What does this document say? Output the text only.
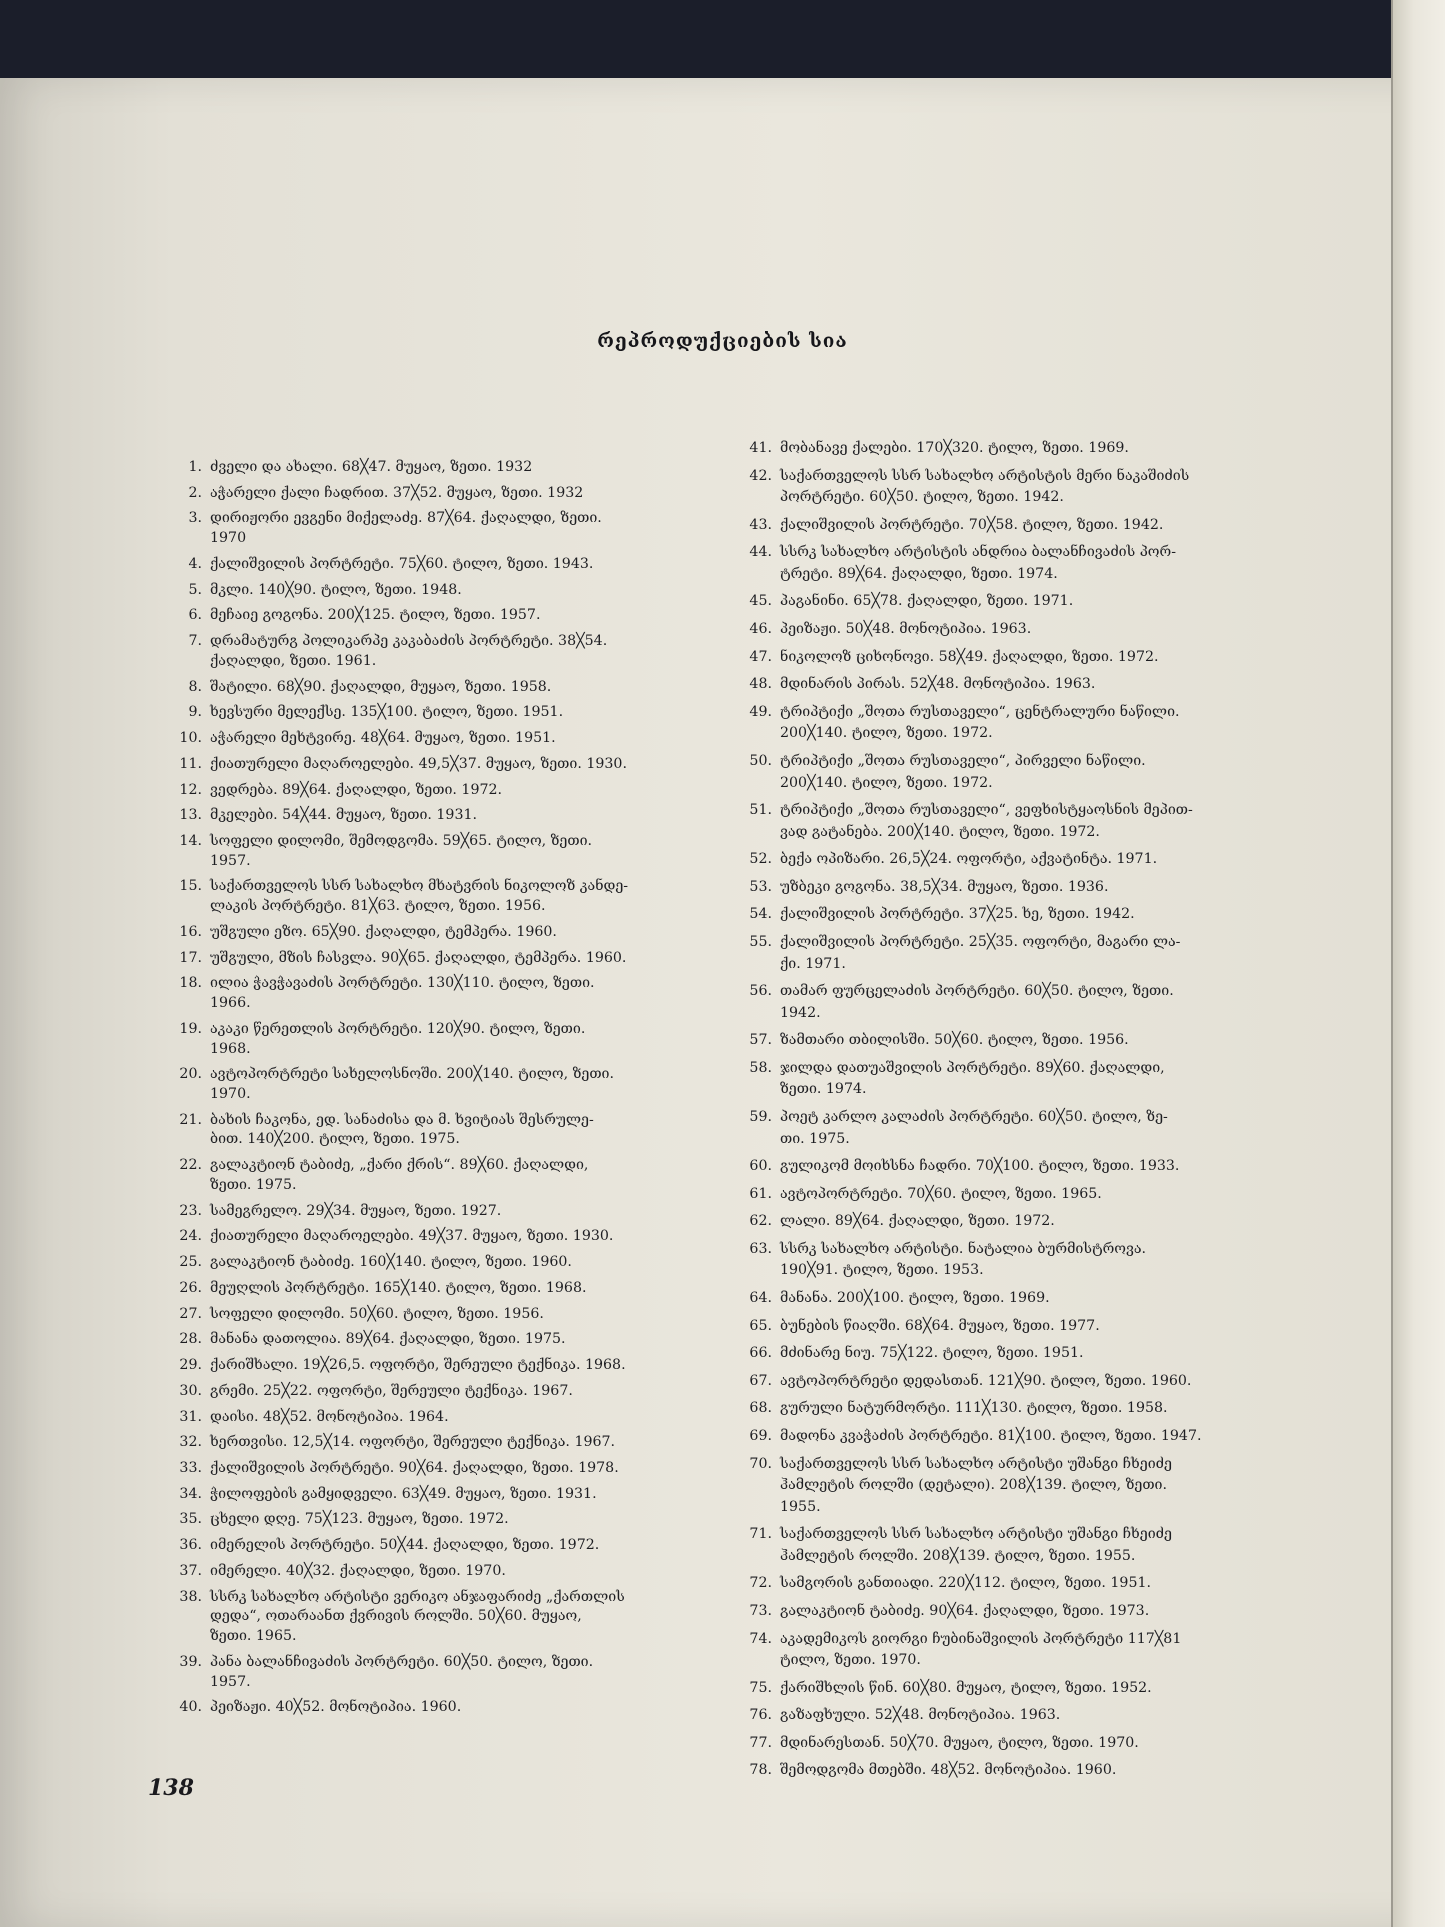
რეპროდუქციების სია
1. ძველი და ახალი. 68╳47. მუყაო, ზეთი. 1932
2. აჭარელი ქალი ჩადრით. 37╳52. მუყაო, ზეთი. 1932
3. დირიჟორი ევგენი მიქელაძე. 87╳64. ქაღალდი, ზეთი.
1970
4. ქალიშვილის პორტრეტი. 75╳60. ტილო, ზეთი. 1943.
5. მკლი. 140╳90. ტილო, ზეთი. 1948.
6. მეჩაიე გოგონა. 200╳125. ტილო, ზეთი. 1957.
7. დრამატურგ პოლიკარპე კაკაბაძის პორტრეტი. 38╳54.
ქაღალდი, ზეთი. 1961.
8. შატილი. 68╳90. ქაღალდი, მუყაო, ზეთი. 1958.
9. ხევსური მელექსე. 135╳100. ტილო, ზეთი. 1951.
10. აჭარელი მეხტვირე. 48╳64. მუყაო, ზეთი. 1951.
11. ქიათურელი მაღაროელები. 49,5╳37. მუყაო, ზეთი. 1930.
12. ვედრება. 89╳64. ქაღალდი, ზეთი. 1972.
13. მკელები. 54╳44. მუყაო, ზეთი. 1931.
14. სოფელი დილომი, შემოდგომა. 59╳65. ტილო, ზეთი.
1957.
15. საქართველოს სსრ სახალხო მხატვრის ნიკოლოზ კანდე-
ლაკის პორტრეტი. 81╳63. ტილო, ზეთი. 1956.
16. უშგული ეზო. 65╳90. ქაღალდი, ტემპერა. 1960.
17. უშგული, მზის ჩასვლა. 90╳65. ქაღალდი, ტემპერა. 1960.
18. ილია ჭავჭავაძის პორტრეტი. 130╳110. ტილო, ზეთი.
1966.
19. აკაკი წერეთლის პორტრეტი. 120╳90. ტილო, ზეთი.
1968.
20. ავტოპორტრეტი სახელოსნოში. 200╳140. ტილო, ზეთი.
1970.
21. ბახის ჩაკონა, ედ. სანაძისა და მ. ხვიტიას შესრულე-
ბით. 140╳200. ტილო, ზეთი. 1975.
22. გალაკტიონ ტაბიძე, „ქარი ქრის“. 89╳60. ქაღალდი,
ზეთი. 1975.
23. სამეგრელო. 29╳34. მუყაო, ზეთი. 1927.
24. ქიათურელი მაღაროელები. 49╳37. მუყაო, ზეთი. 1930.
25. გალაკტიონ ტაბიძე. 160╳140. ტილო, ზეთი. 1960.
26. მეუღლის პორტრეტი. 165╳140. ტილო, ზეთი. 1968.
27. სოფელი დილომი. 50╳60. ტილო, ზეთი. 1956.
28. მანანა დათოლია. 89╳64. ქაღალდი, ზეთი. 1975.
29. ქარიშხალი. 19╳26,5. ოფორტი, შერეული ტექნიკა. 1968.
30. გრემი. 25╳22. ოფორტი, შერეული ტექნიკა. 1967.
31. დაისი. 48╳52. მონოტიპია. 1964.
32. ხერთვისი. 12,5╳14. ოფორტი, შერეული ტექნიკა. 1967.
33. ქალიშვილის პორტრეტი. 90╳64. ქაღალდი, ზეთი. 1978.
34. ჭილოფების გამყიდველი. 63╳49. მუყაო, ზეთი. 1931.
35. ცხელი დღე. 75╳123. მუყაო, ზეთი. 1972.
36. იმერელის პორტრეტი. 50╳44. ქაღალდი, ზეთი. 1972.
37. იმერელი. 40╳32. ქაღალდი, ზეთი. 1970.
38. სსრკ სახალხო არტისტი ვერიკო ანჯაფარიძე „ქართლის
დედა“, ოთარაანთ ქვრივის როლში. 50╳60. მუყაო,
ზეთი. 1965.
39. პანა ბალანჩივაძის პორტრეტი. 60╳50. ტილო, ზეთი.
1957.
40. პეიზაჟი. 40╳52. მონოტიპია. 1960.
41. მობანავე ქალები. 170╳320. ტილო, ზეთი. 1969.
42. საქართველოს სსრ სახალხო არტისტის მერი ნაკაშიძის
პორტრეტი. 60╳50. ტილო, ზეთი. 1942.
43. ქალიშვილის პორტრეტი. 70╳58. ტილო, ზეთი. 1942.
44. სსრკ სახალხო არტისტის ანდრია ბალანჩივაძის პორ-
ტრეტი. 89╳64. ქაღალდი, ზეთი. 1974.
45. პაგანინი. 65╳78. ქაღალდი, ზეთი. 1971.
46. პეიზაჟი. 50╳48. მონოტიპია. 1963.
47. ნიკოლოზ ციხონოვი. 58╳49. ქაღალდი, ზეთი. 1972.
48. მდინარის პირას. 52╳48. მონოტიპია. 1963.
49. ტრიპტიქი „შოთა რუსთაველი“, ცენტრალური ნაწილი.
200╳140. ტილო, ზეთი. 1972.
50. ტრიპტიქი „შოთა რუსთაველი“, პირველი ნაწილი.
200╳140. ტილო, ზეთი. 1972.
51. ტრიპტიქი „შოთა რუსთაველი“, ვეფხისტყაოსნის მეპით-
ვად გატანება. 200╳140. ტილო, ზეთი. 1972.
52. ბექა ოპიზარი. 26,5╳24. ოფორტი, აქვატინტა. 1971.
53. უზბეკი გოგონა. 38,5╳34. მუყაო, ზეთი. 1936.
54. ქალიშვილის პორტრეტი. 37╳25. ხე, ზეთი. 1942.
55. ქალიშვილის პორტრეტი. 25╳35. ოფორტი, მაგარი ლა-
ქი. 1971.
56. თამარ ფურცელაძის პორტრეტი. 60╳50. ტილო, ზეთი.
1942.
57. ზამთარი თბილისში. 50╳60. ტილო, ზეთი. 1956.
58. ჯილდა დათუაშვილის პორტრეტი. 89╳60. ქაღალდი,
ზეთი. 1974.
59. პოეტ კარლო კალაძის პორტრეტი. 60╳50. ტილო, ზე-
თი. 1975.
60. გულიკომ მოიხსნა ჩადრი. 70╳100. ტილო, ზეთი. 1933.
61. ავტოპორტრეტი. 70╳60. ტილო, ზეთი. 1965.
62. ლალი. 89╳64. ქაღალდი, ზეთი. 1972.
63. სსრკ სახალხო არტისტი. ნატალია ბურმისტროვა.
190╳91. ტილო, ზეთი. 1953.
64. მანანა. 200╳100. ტილო, ზეთი. 1969.
65. ბუნების წიაღში. 68╳64. მუყაო, ზეთი. 1977.
66. მძინარე ნიუ. 75╳122. ტილო, ზეთი. 1951.
67. ავტოპორტრეტი დედასთან. 121╳90. ტილო, ზეთი. 1960.
68. გურული ნატურმორტი. 111╳130. ტილო, ზეთი. 1958.
69. მადონა კვაჭაძის პორტრეტი. 81╳100. ტილო, ზეთი. 1947.
70. საქართველოს სსრ სახალხო არტისტი უშანგი ჩხეიძე
ჰამლეტის როლში (დეტალი). 208╳139. ტილო, ზეთი.
1955.
71. საქართველოს სსრ სახალხო არტისტი უშანგი ჩხეიძე
ჰამლეტის როლში. 208╳139. ტილო, ზეთი. 1955.
72. სამგორის განთიადი. 220╳112. ტილო, ზეთი. 1951.
73. გალაკტიონ ტაბიძე. 90╳64. ქაღალდი, ზეთი. 1973.
74. აკადემიკოს გიორგი ჩუბინაშვილის პორტრეტი 117╳81
ტილო, ზეთი. 1970.
75. ქარიშხლის წინ. 60╳80. მუყაო, ტილო, ზეთი. 1952.
76. გაზაფხული. 52╳48. მონოტიპია. 1963.
77. მდინარესთან. 50╳70. მუყაო, ტილო, ზეთი. 1970.
78. შემოდგომა მთებში. 48╳52. მონოტიპია. 1960.
138
